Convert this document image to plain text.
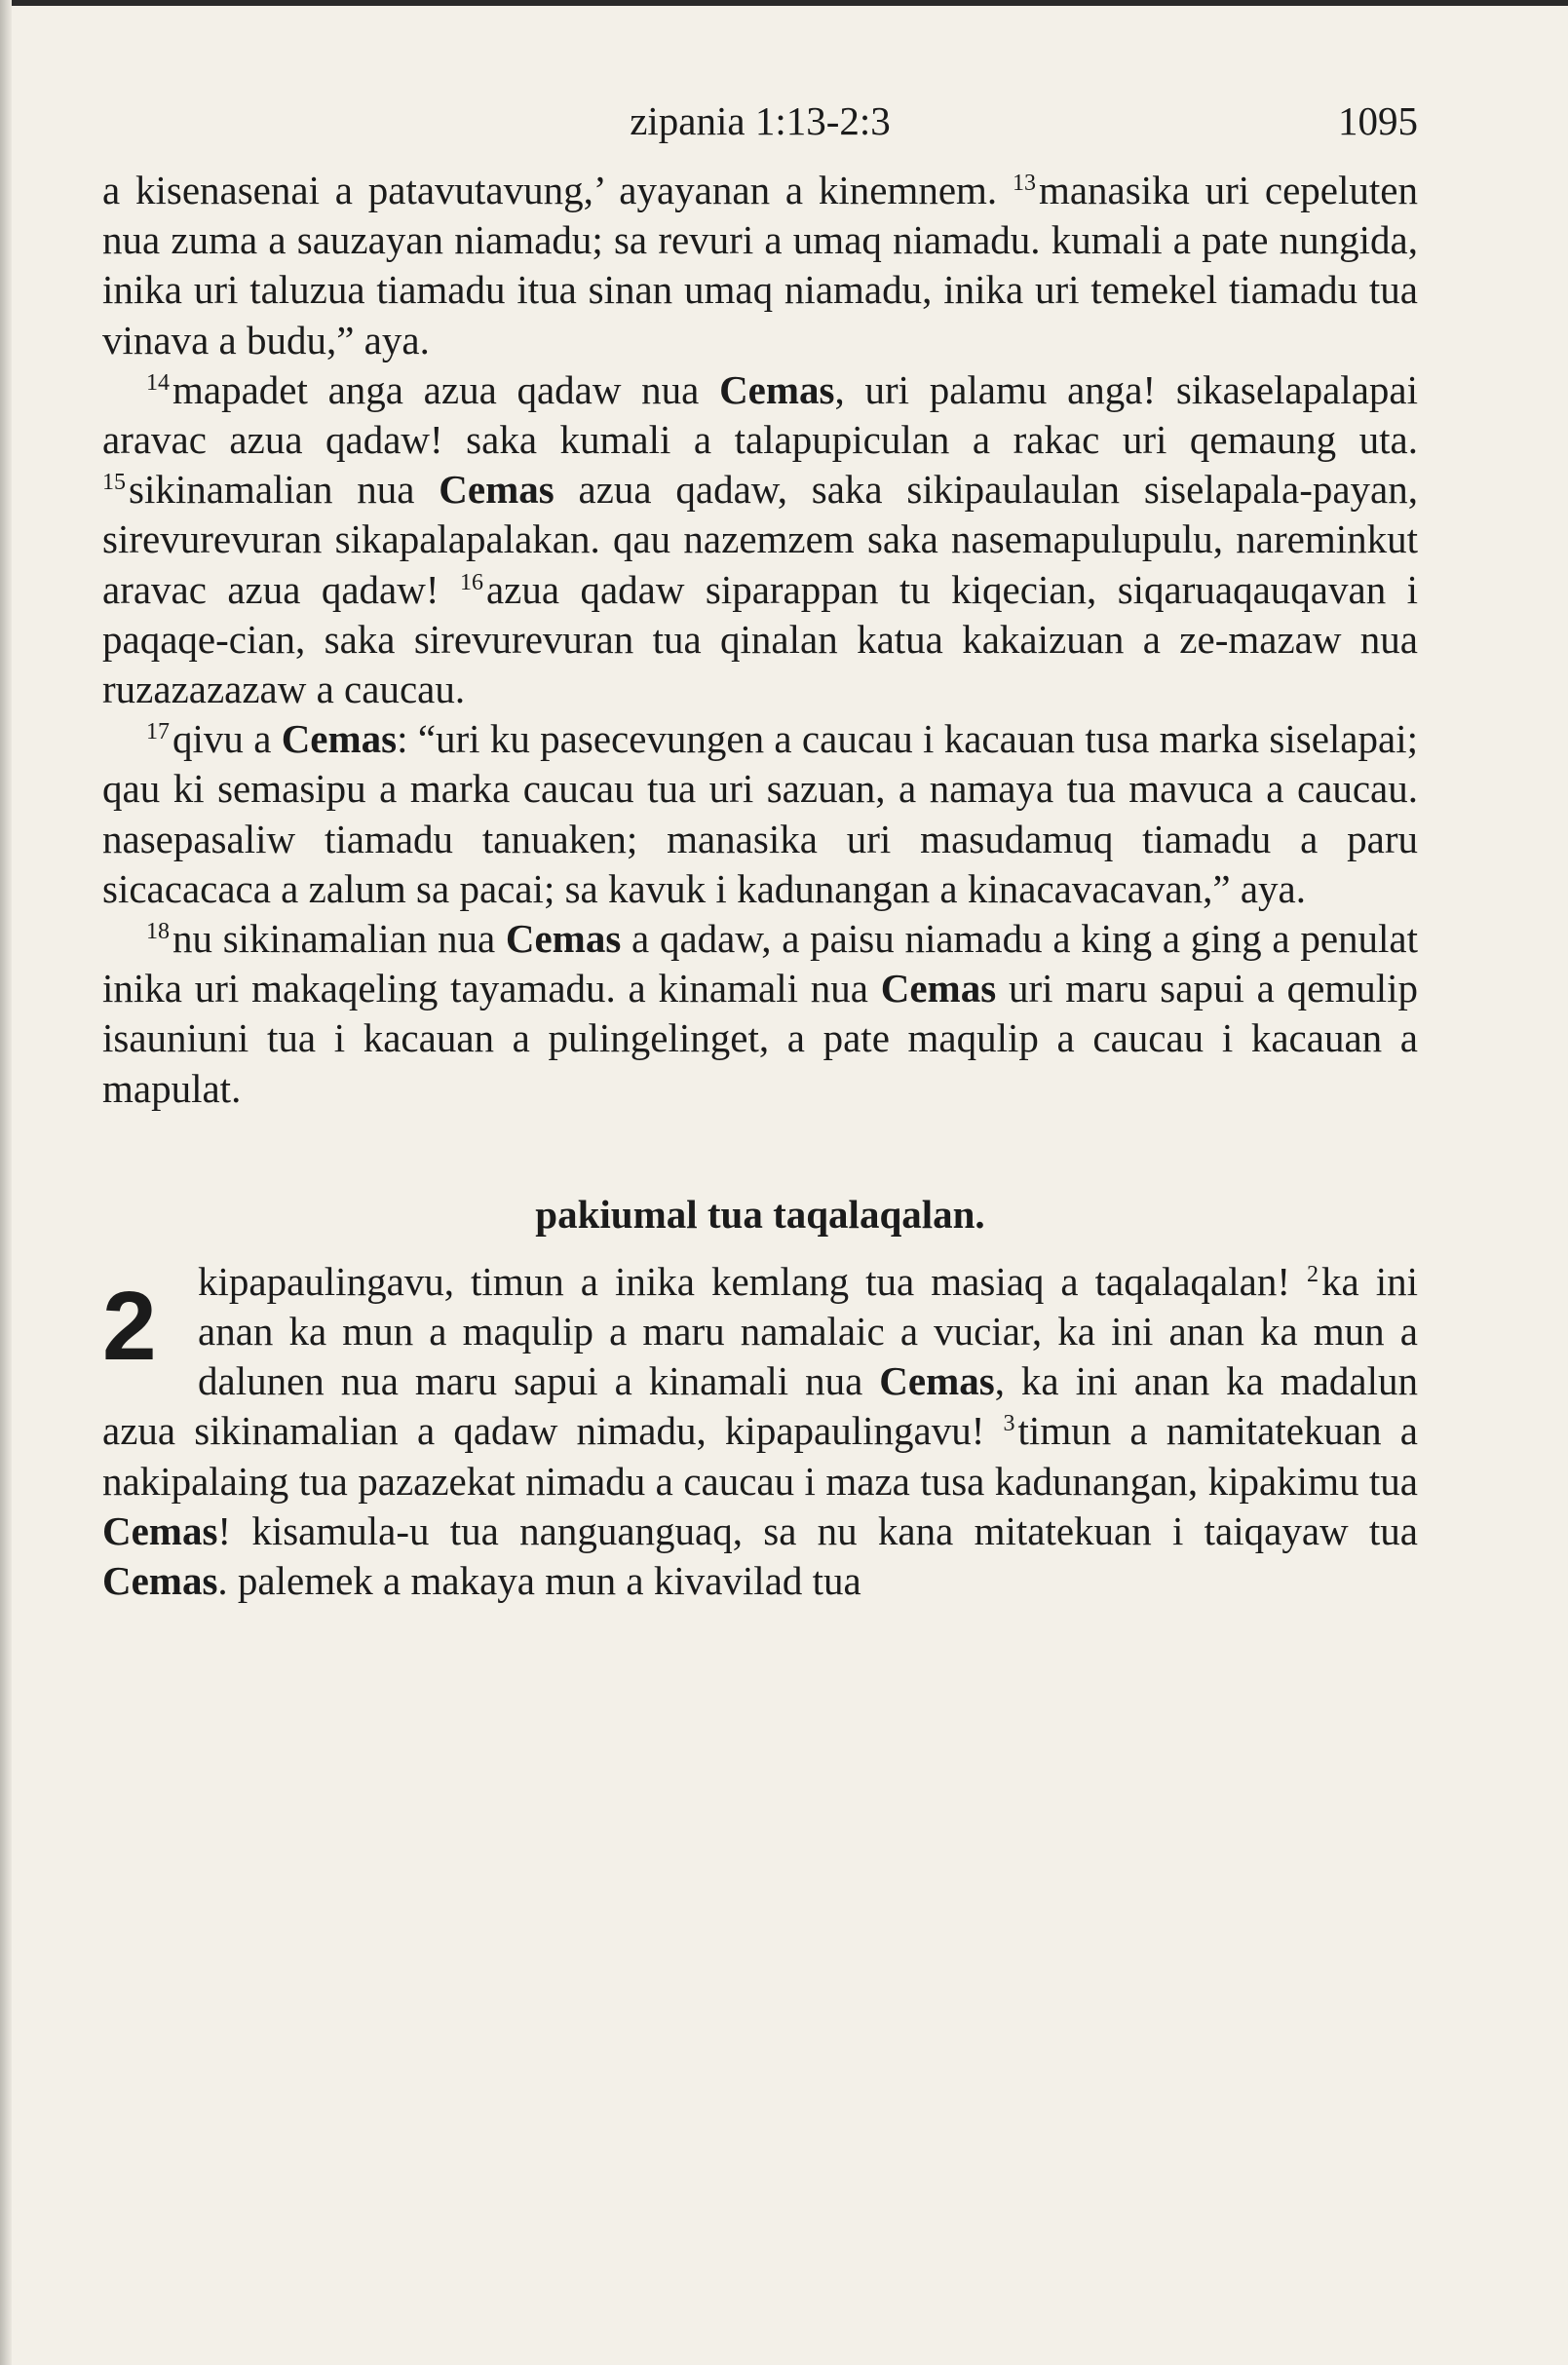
zipania 1:13-2:3	1095

a kisenasenai a patavutavung,’ ayayanan a kinemnem. $^{13}$manasika uri cepeluten nua zuma a sauzayan niamadu; sa revuri a umaq niamadu. kumali a pate nungida, inika uri taluzua tiamadu itua sinan umaq niamadu, inika uri temekel tiamadu tua vinava a budu,” aya.

$^{14}$mapadet anga azua qadaw nua Cemas, uri palamu anga! sikaselapalapai aravac azua qadaw! saka kumali a talapupiculan a rakac uri qemaung uta. $^{15}$sikinamalian nua Cemas azua qadaw, saka sikipaulaulan siselapala-payan, sirevurevuran sikapalapalakan. qau nazemzem saka nasemapulupulu, nareminkut aravac azua qadaw! $^{16}$azua qadaw siparappan tu kiqecian, siqaruaqauqavan i paqaqe-cian, saka sirevurevuran tua qinalan katua kakaizuan a ze-mazaw nua ruzazazazaw a caucau.

$^{17}$qivu a Cemas: “uri ku pasecevungen a caucau i kacauan tusa marka siselapai; qau ki semasipu a marka caucau tua uri sazuan, a namaya tua mavuca a caucau. nasepasaliw tiamadu tanuaken; manasika uri masudamuq tiamadu a paru sicacacaca a zalum sa pacai; sa kavuk i kadunangan a kinacavacavan,” aya.

$^{18}$nu sikinamalian nua Cemas a qadaw, a paisu niamadu a king a ging a penulat inika uri makaqeling tayamadu. a kinamali nua Cemas uri maru sapui a qemulip isauniuni tua i kacauan a pulingelinget, a pate maqulip a caucau i kacauan a mapulat.

pakiumal tua taqalaqalan.
2	kipapaulingavu, timun a inika kemlang tua masiaq a taqalaqalan! $^2$ka ini anan ka mun a maqulip a maru namalaic a vuciar, ka ini anan ka mun a dalunen nua maru sapui a kinamali nua Cemas, ka ini anan ka madalun azua sikinamalian a qadaw nimadu, kipapaulingavu! $^3$timun a namitatekuan a nakipalaing tua pazazekat nimadu a caucau i maza tusa kadunangan, kipakimu tua Cemas! kisamula-u tua nanguanguaq, sa nu kana mitatekuan i taiqayaw tua Cemas. palemek a makaya mun a kivavilad tua
